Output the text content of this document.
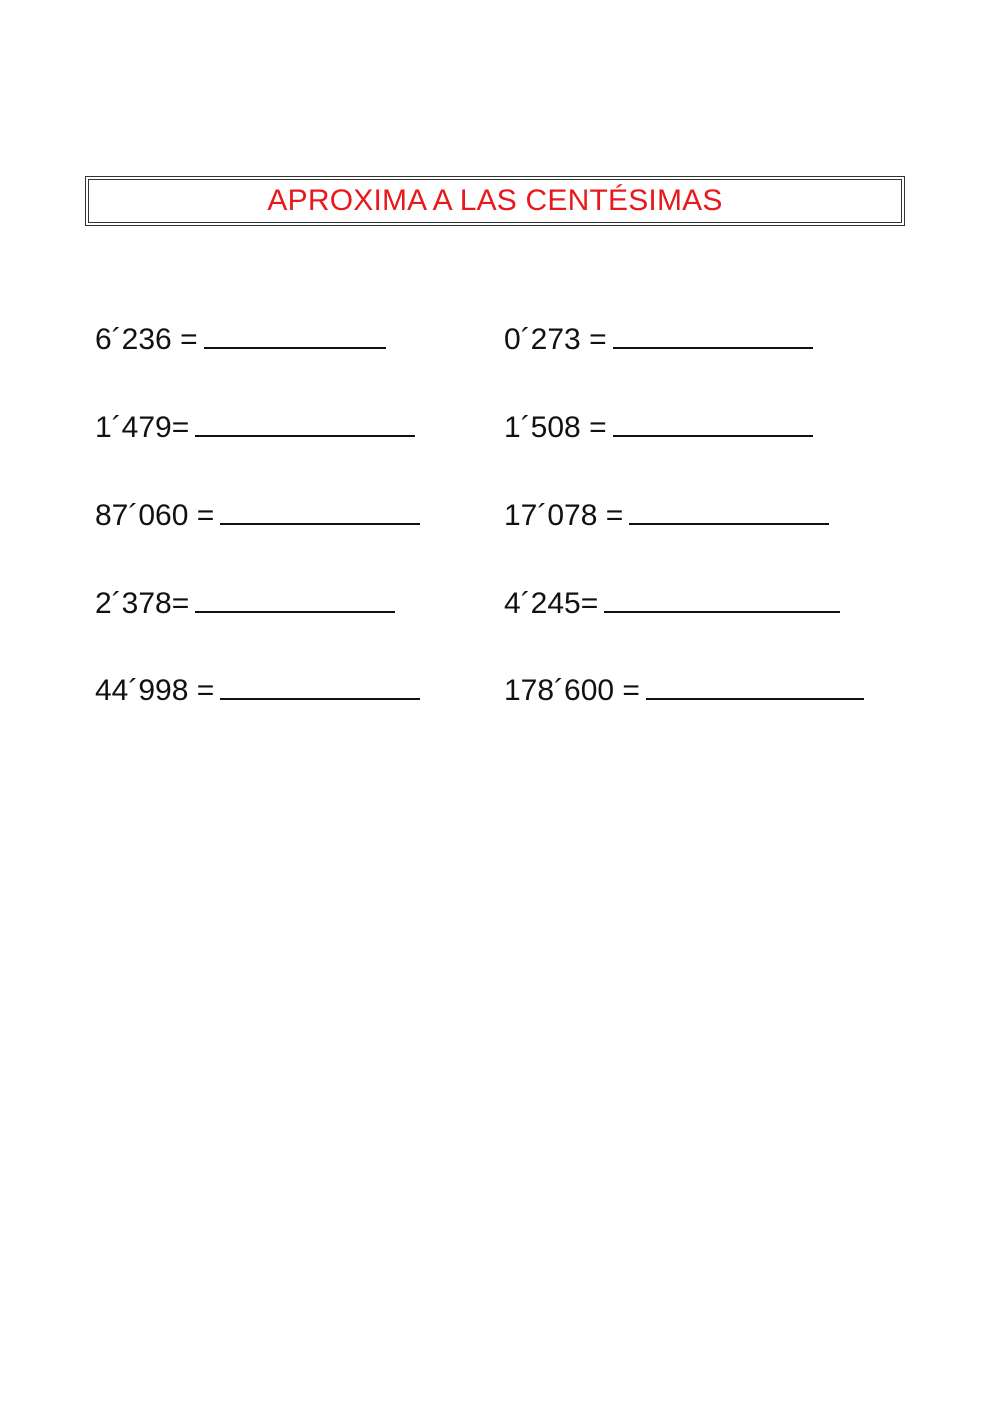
APROXIMA A LAS CENTÉSIMAS
6´236 =
1´479=
87´060 =
2´378=
44´998 =
0´273 =
1´508 =
17´078 =
4´245=
178´600 =
